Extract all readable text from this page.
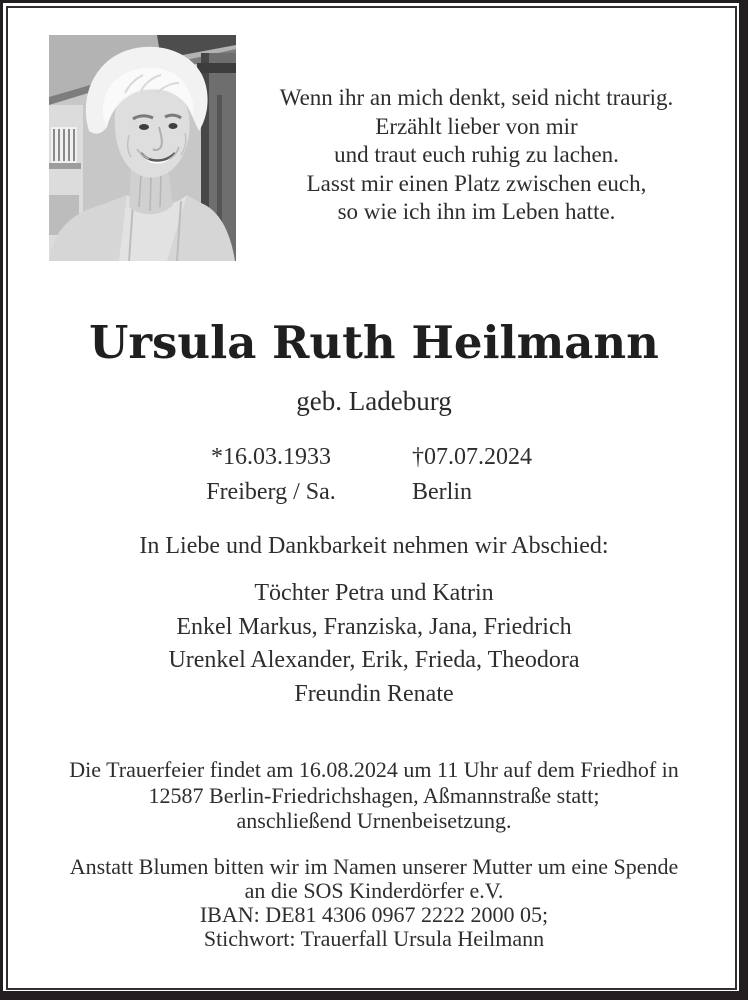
Wenn ihr an mich denkt, seid nicht traurig.
Erzählt lieber von mir
und traut euch ruhig zu lachen.
Lasst mir einen Platz zwischen euch,
so wie ich ihn im Leben hatte.
Ursula Ruth Heilmann
geb. Ladeburg
*16.03.1933
Freiberg / Sa.
†07.07.2024
Berlin
In Liebe und Dankbarkeit nehmen wir Abschied:
Töchter Petra und Katrin
Enkel Markus, Franziska, Jana, Friedrich
Urenkel Alexander, Erik, Frieda, Theodora
Freundin Renate
Die Trauerfeier findet am 16.08.2024 um 11 Uhr auf dem Friedhof in
12587 Berlin-Friedrichshagen, Aßmannstraße statt;
anschließend Urnenbeisetzung.
Anstatt Blumen bitten wir im Namen unserer Mutter um eine Spende
an die SOS Kinderdörfer e.V.
IBAN: DE81 4306 0967 2222 2000 05;
Stichwort: Trauerfall Ursula Heilmann
